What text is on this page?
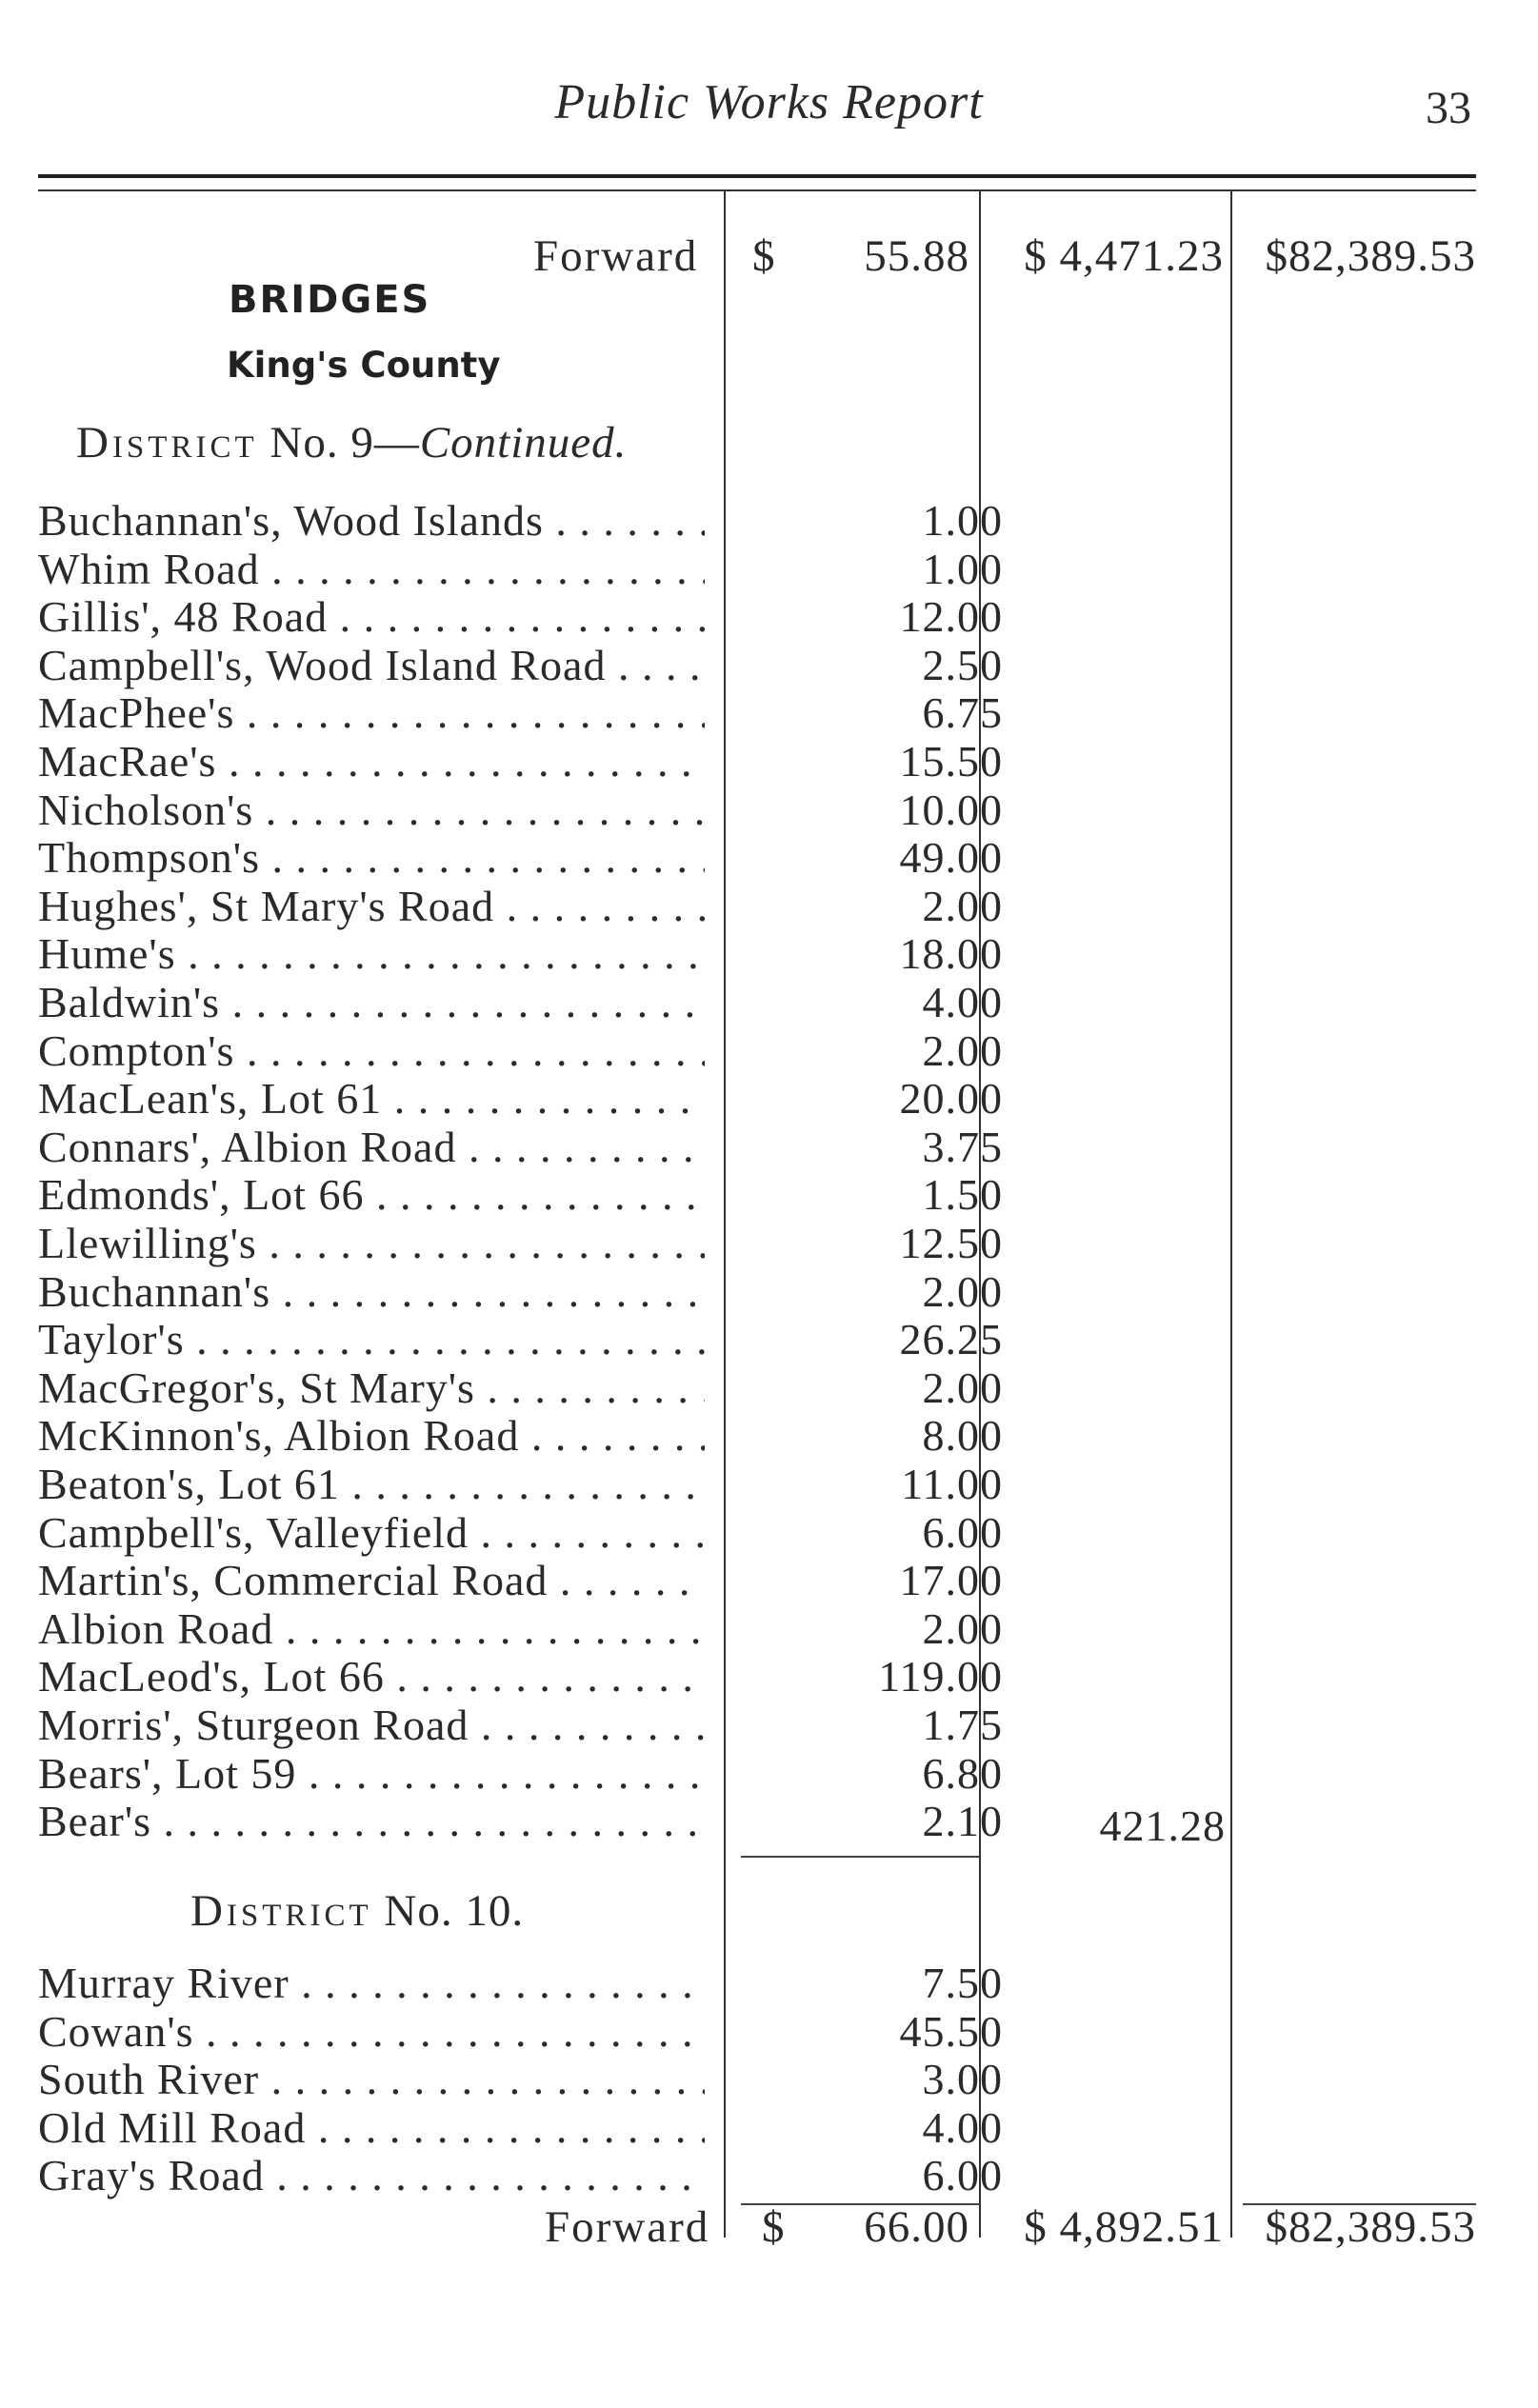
Public Works Report	33
Forward $	55.88	$ 4,471.23 $82,389.53
BRIDGES
King's County
District No. 9—Continued.
Buchannan's, Wood Islands . . .	1.00
Whim Road . . .	1.00
Gillis', 48 Road . . .	12.00
Campbell's, Wood Island Road . . .	2.50
MacPhee's . . .	6.75
MacRae's . . .	15.50
Nicholson's . . .	10.00
Thompson's . . .	49.00
Hughes', St Mary's Road . . .	2.00
Hume's . . .	18.00
Baldwin's . . .	4.00
Compton's . . .	2.00
MacLean's, Lot 61 . . .	20.00
Connars', Albion Road . . .	3.75
Edmonds', Lot 66 . . .	1.50
Llewilling's . . .	12.50
Buchannan's . . .	2.00
Taylor's . . .	26.25
MacGregor's, St Mary's . . .	2.00
McKinnon's, Albion Road . . .	8.00
Beaton's, Lot 61 . . .	11.00
Campbell's, Valleyfield . . .	6.00
Martin's, Commercial Road . . .	17.00
Albion Road . . .	2.00
MacLeod's, Lot 66 . . .	119.00
Morris', Sturgeon Road . . .	1.75
Bears', Lot 59 . . .	6.80
Bear's . . .	2.10	421.28
District No. 10.
Murray River . . .	7.50
Cowan's . . .	45.50
South River . . .	3.00
Old Mill Road . . .	4.00
Gray's Road . . .	6.00
Forward $	66.00	$ 4,892.51 $82,389.53
